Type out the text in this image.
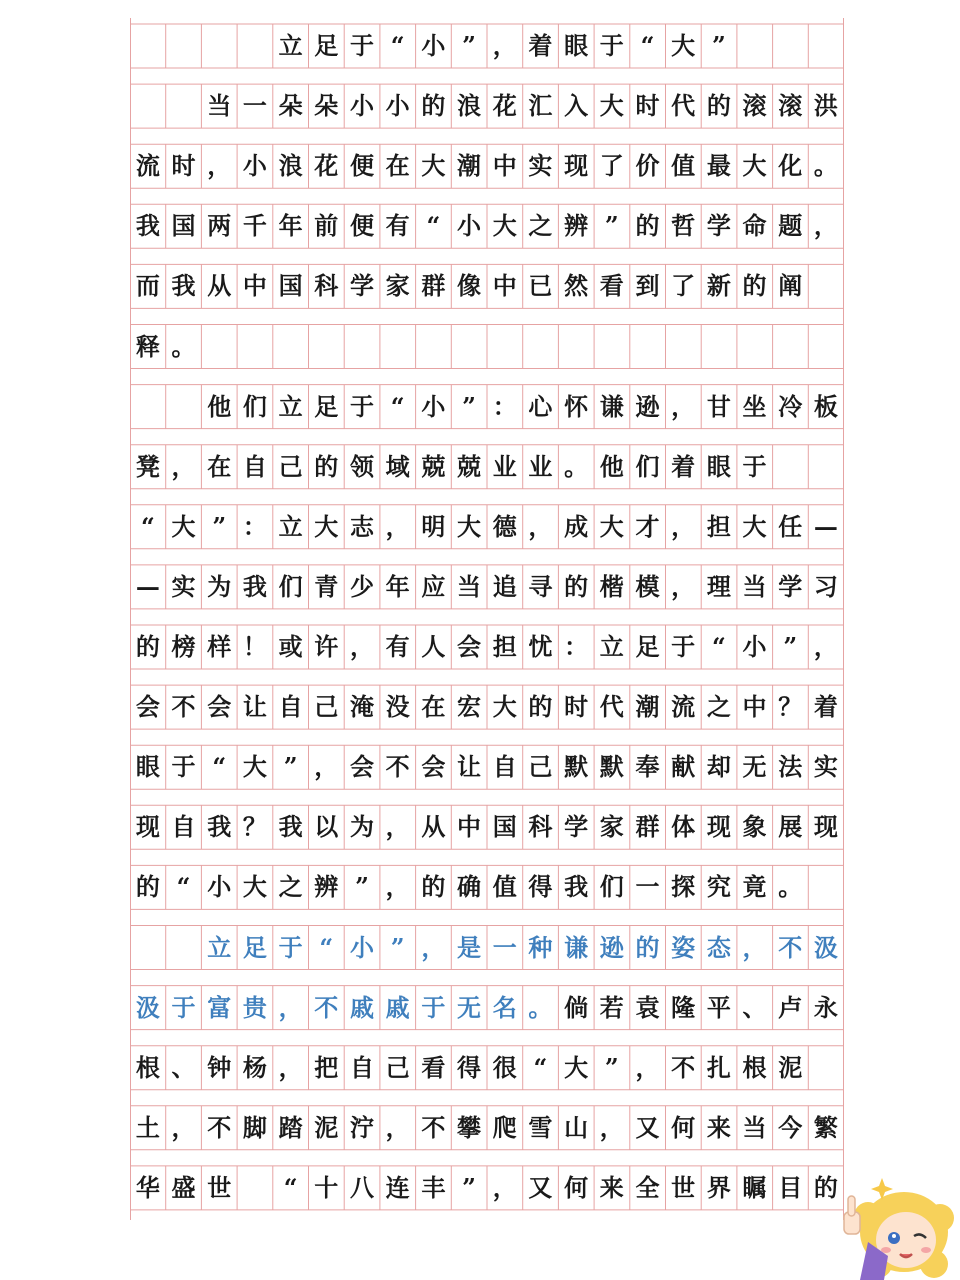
立 足 于 “ 小 ” ， 着 眼 于 “ 大 ”

当 一 朵 朵 小 小 的 浪 花 汇 入 大 时 代 的 滚 滚 洪
流 时 ， 小 浪 花 便 在 大 潮 中 实 现 了 价 值 最 大 化 。
我 国 两 千 年 前 便 有 “ 小 大 之 辨 ” 的 哲 学 命 题 ，
而 我 从 中 国 科 学 家 群 像 中 已 然 看 到 了 新 的 阐
释 。

他 们 立 足 于 “ 小 ” ： 心 怀 谦 逊 ， 甘 坐 冷 板
凳 ， 在 自 己 的 领 域 兢 兢 业 业 。 他 们 着 眼 于
“ 大 ” ： 立 大 志 ， 明 大 德 ， 成 大 才 ， 担 大 任 —
— 实 为 我 们 青 少 年 应 当 追 寻 的 楷 模 ， 理 当 学 习
的 榜 样 ！ 或 许 ， 有 人 会 担 忧 ： 立 足 于 “ 小 ” ，
会 不 会 让 自 己 淹 没 在 宏 大 的 时 代 潮 流 之 中 ？ 着
眼 于 “ 大 ” ， 会 不 会 让 自 己 默 默 奉 献 却 无 法 实
现 自 我 ？ 我 以 为 ， 从 中 国 科 学 家 群 体 现 象 展 现
的 “ 小 大 之 辨 ” ， 的 确 值 得 我 们 一 探 究 竟 。

立 足 于 “ 小 ” ， 是 一 种 谦 逊 的 姿 态 ， 不 汲
汲 于 富 贵 ， 不 戚 戚 于 无 名 。 倘 若 袁 隆 平 、 卢 永
根 、 钟 杨 ， 把 自 己 看 得 很 “ 大 ” ， 不 扎 根 泥
土 ， 不 脚 踏 泥 泞 ， 不 攀 爬 雪 山 ， 又 何 来 当 今 繁
华 盛 世
	“ 十 八 连 丰 ” ， 又 何 来 全 世 界 瞩 目 的
